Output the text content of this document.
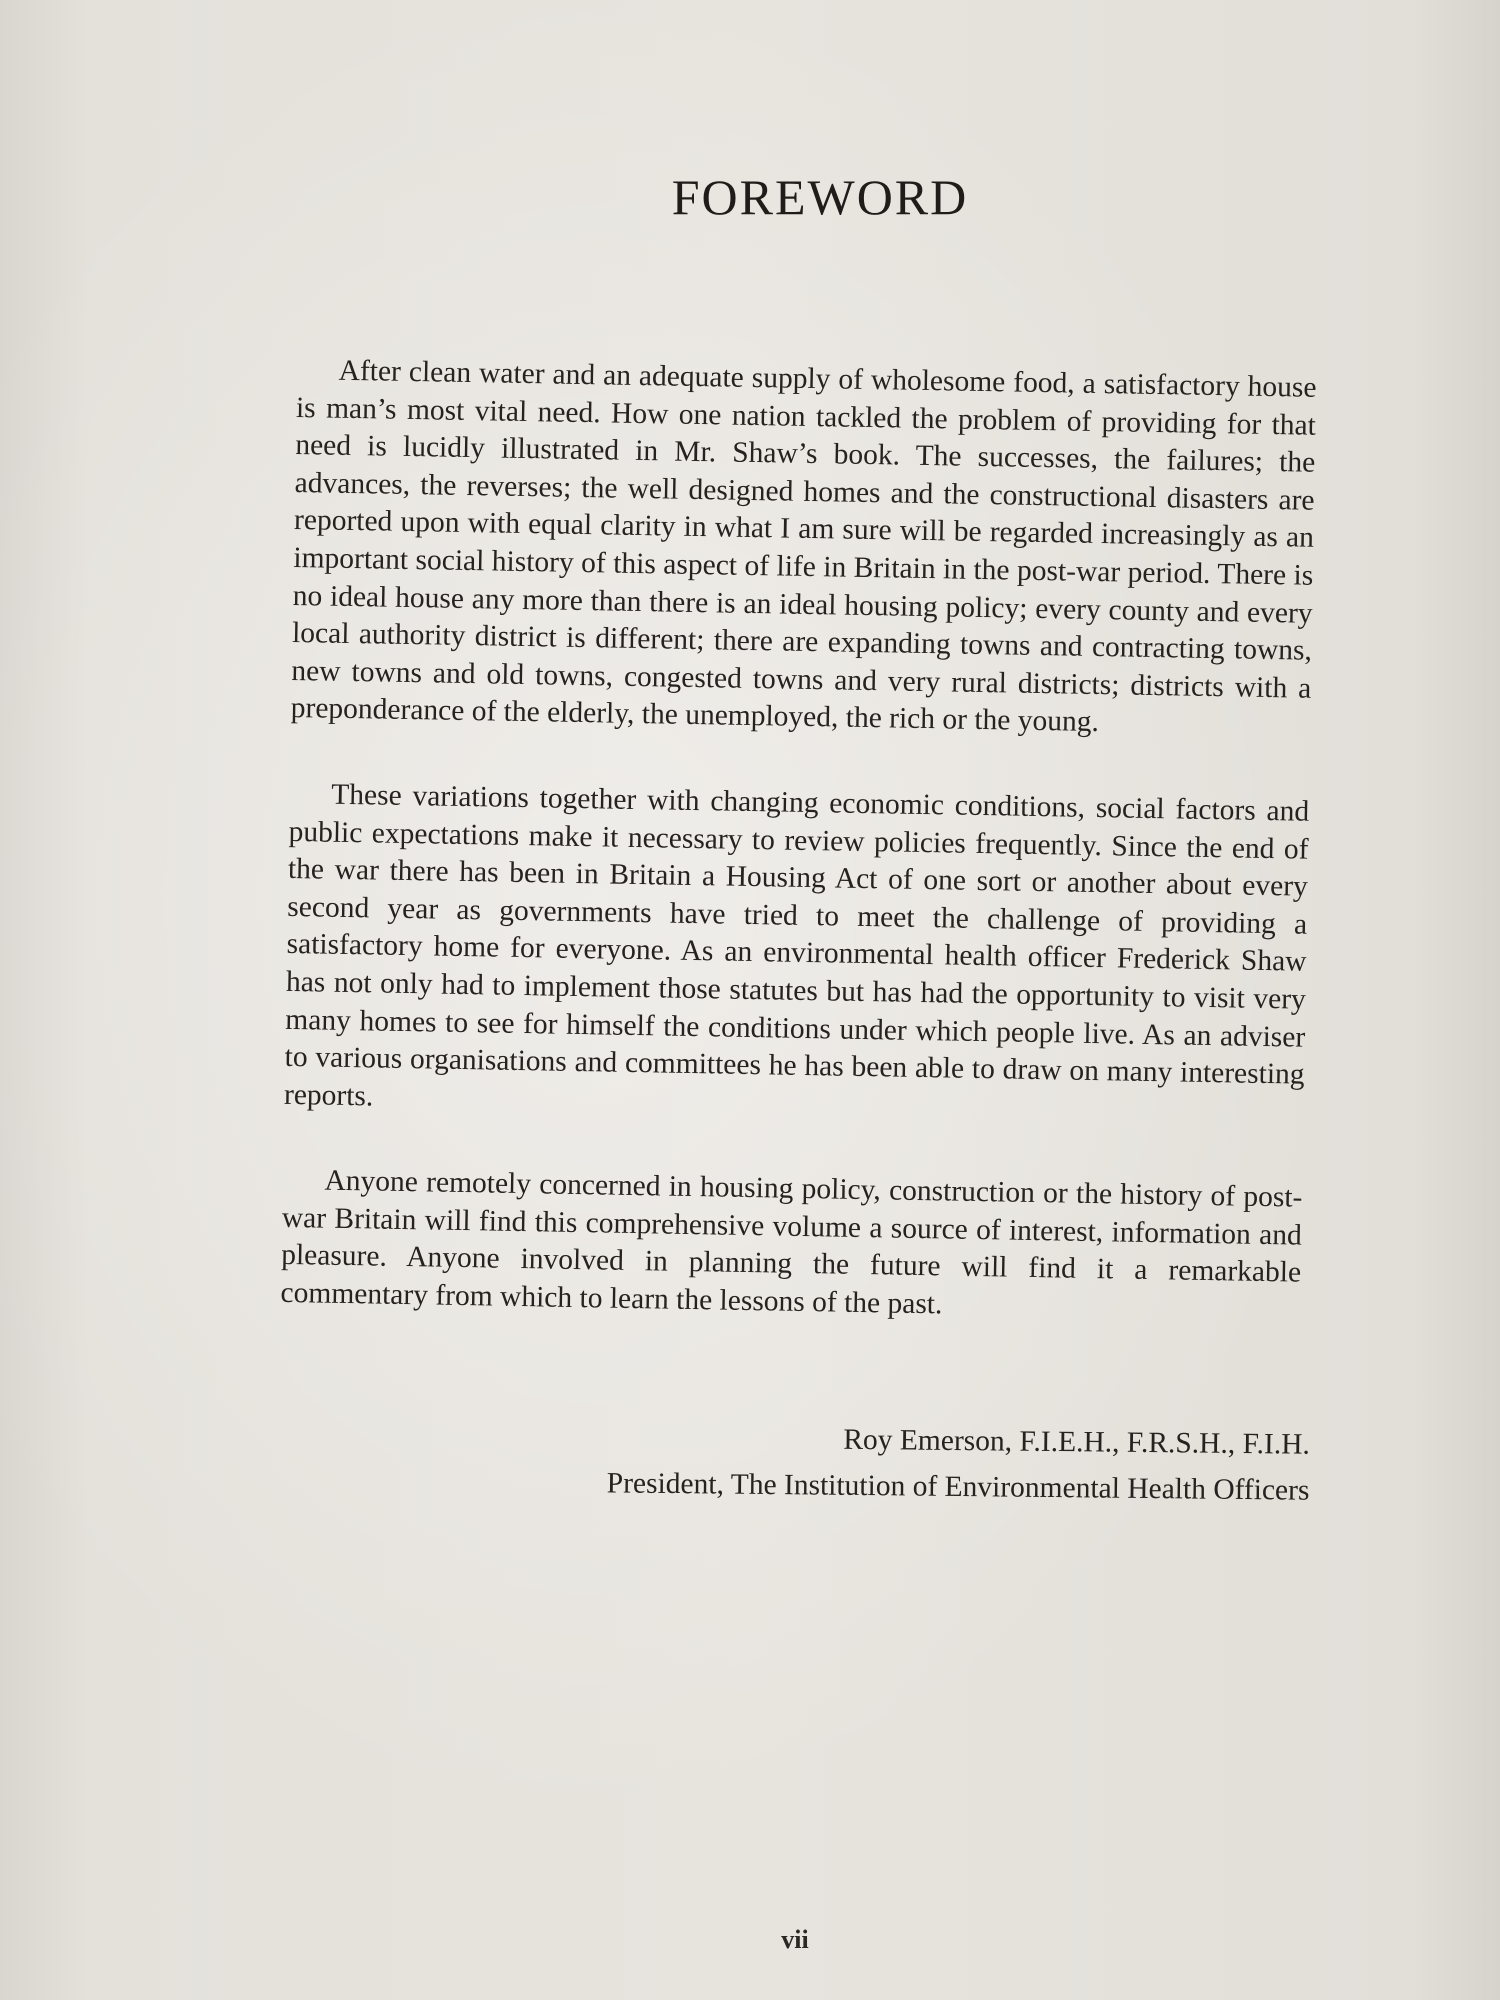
FOREWORD

After clean water and an adequate supply of wholesome food, a satisfactory house is man’s most vital need. How one nation tackled the problem of providing for that need is lucidly illustrated in Mr. Shaw’s book. The successes, the failures; the advances, the reverses; the well designed homes and the constructional disasters are reported upon with equal clarity in what I am sure will be regarded increasingly as an important social history of this aspect of life in Britain in the post-war period. There is no ideal house any more than there is an ideal housing policy; every county and every local authority district is different; there are expanding towns and contracting towns, new towns and old towns, congested towns and very rural districts; districts with a preponderance of the elderly, the unemployed, the rich or the young.

These variations together with changing economic conditions, social factors and public expectations make it necessary to review policies frequently. Since the end of the war there has been in Britain a Housing Act of one sort or another about every second year as governments have tried to meet the challenge of providing a satisfactory home for everyone. As an environmental health officer Frederick Shaw has not only had to implement those statutes but has had the opportunity to visit very many homes to see for himself the conditions under which people live. As an adviser to various organisations and committees he has been able to draw on many interesting reports.

Anyone remotely concerned in housing policy, construction or the history of post-war Britain will find this comprehensive volume a source of interest, information and pleasure. Anyone involved in planning the future will find it a remarkable commentary from which to learn the lessons of the past.

Roy Emerson, F.I.E.H., F.R.S.H., F.I.H.
President, The Institution of Environmental Health Officers
vii
